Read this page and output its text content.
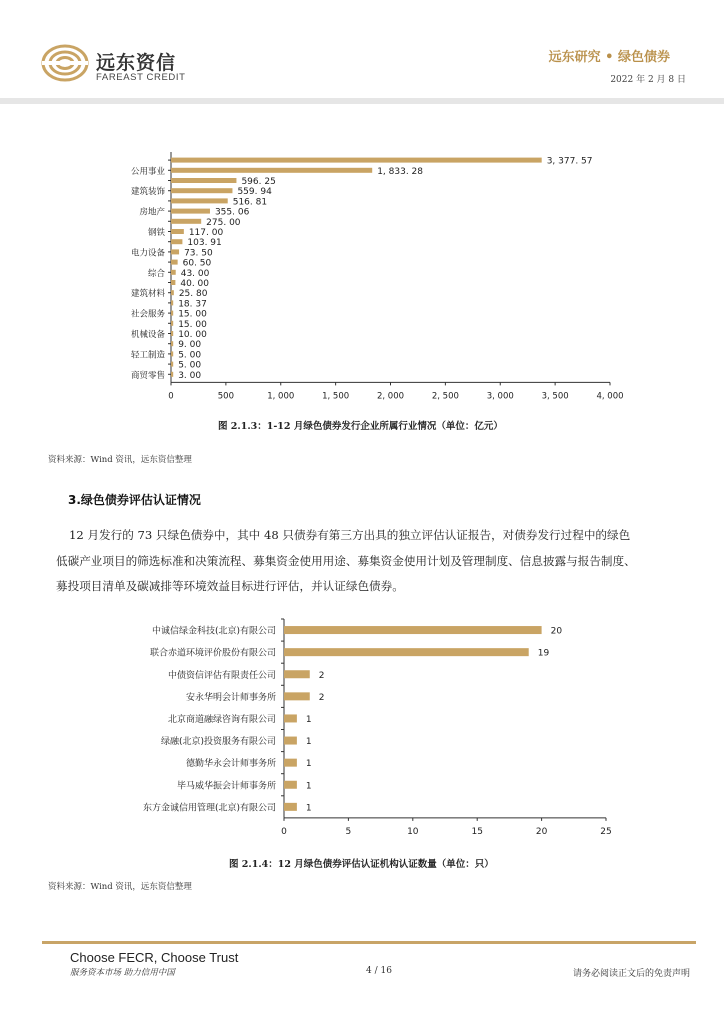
远东资信
FAREAST CREDIT
远东研究 • 绿色债券
2022 年 2 月 8 日
3, 377. 57
1, 833. 28
公用事业
596. 25
559. 94
建筑装饰
516. 81
355. 06
房地产
275. 00
117. 00
钢铁
103. 91
73. 50
电力设备
60. 50
43. 00
综合
40. 00
25. 80
建筑材料
18. 37
15. 00
社会服务
15. 00
10. 00
机械设备
9. 00
5. 00
轻工制造
5. 00
3. 00
商贸零售
0	500	1, 000	1, 500	2, 000	2, 500	3, 000	3, 500	4, 000
图 2.1.3：1-12 月绿色债券发行企业所属行业情况（单位：亿元）
资料来源：Wind 资讯，远东资信整理
3.绿色债券评估认证情况
12 月发行的 73 只绿色债券中，其中 48 只债券有第三方出具的独立评估认证报告，对债券发行过程中的绿色
低碳产业项目的筛选标准和决策流程、募集资金使用用途、募集资金使用计划及管理制度、信息披露与报告制度、
募投项目清单及碳减排等环境效益目标进行评估，并认证绿色债券。
20
中诚信绿金科技(北京)有限公司
19
联合赤道环境评价股份有限公司
2
中债资信评估有限责任公司
2
安永华明会计师事务所
1
北京商道融绿咨询有限公司
1
绿融(北京)投资服务有限公司
1
德勤华永会计师事务所
1
毕马威华振会计师事务所
1
东方金诚信用管理(北京)有限公司
0	5	10	15	20	25
图 2.1.4：12 月绿色债券评估认证机构认证数量（单位：只）
资料来源：Wind 资讯，远东资信整理
Choose FECR, Choose Trust
服务资本市场 助力信用中国	4 / 16	请务必阅读正文后的免责声明
